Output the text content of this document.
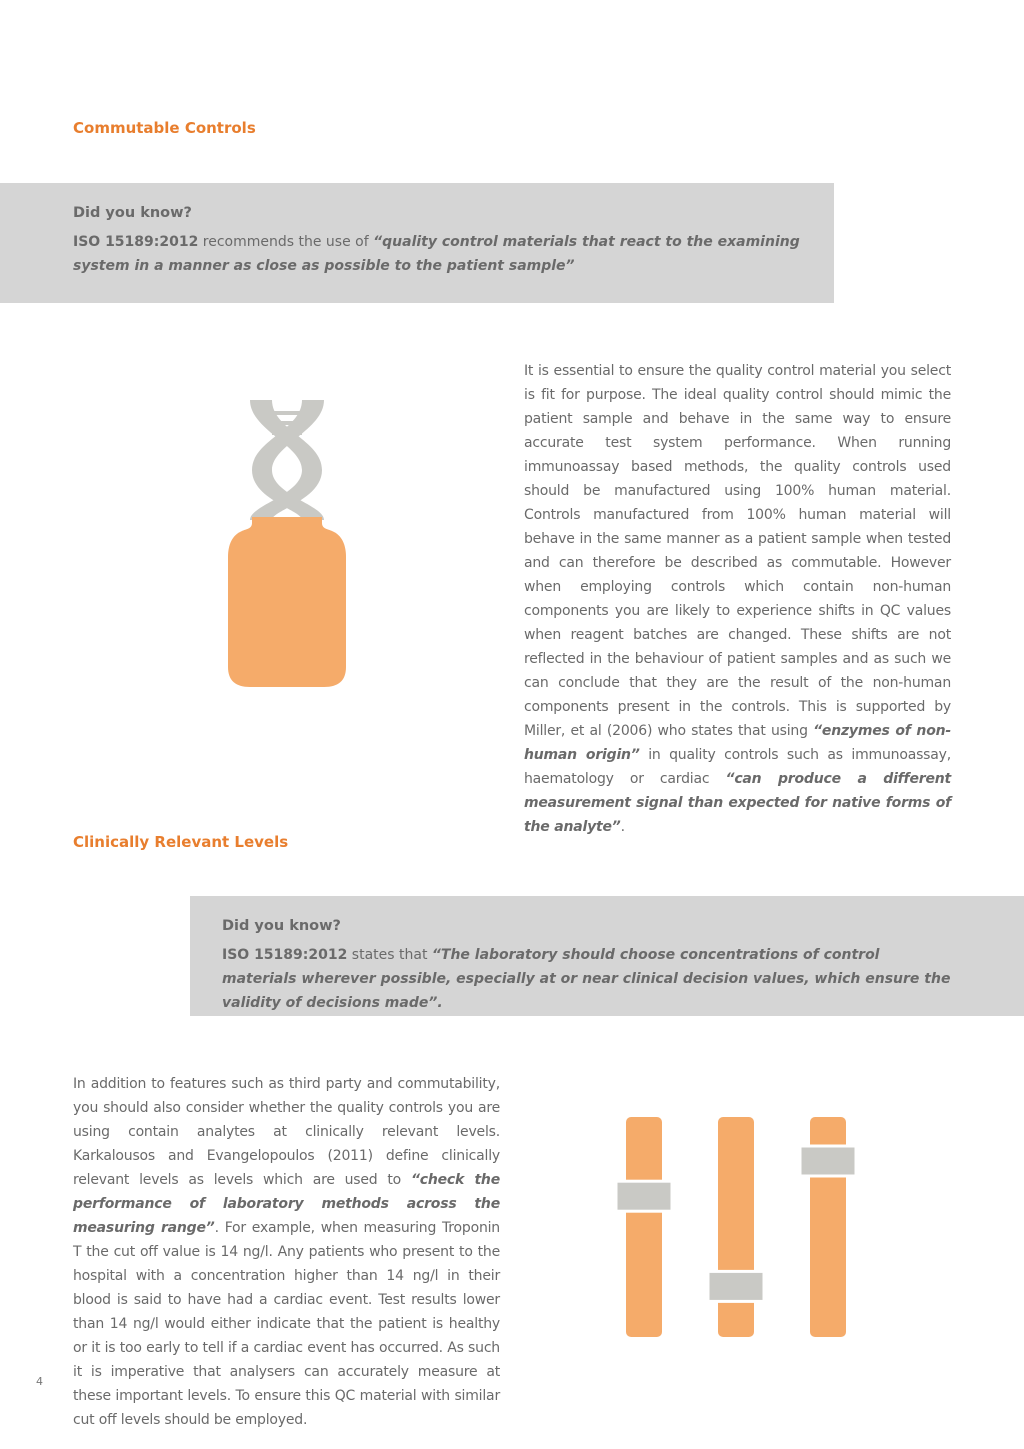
Commutable Controls

Did you know?

ISO 15189:2012 recommends the use of “quality control materials that react to the examining system in a manner as close as possible to the patient sample”

It is essential to ensure the quality control material you select is fit for purpose. The ideal quality control should mimic the patient sample and behave in the same way to ensure accurate test system performance. When running immunoassay based methods, the quality controls used should be manufactured using 100% human material. Controls manufactured from 100% human material will behave in the same manner as a patient sample when tested and can therefore be described as commutable. However when employing controls which contain non-human components you are likely to experience shifts in QC values when reagent batches are changed. These shifts are not reflected in the behaviour of patient samples and as such we can conclude that they are the result of the non-human components present in the controls. This is supported by Miller, et al (2006) who states that using “enzymes of non-human origin” in quality controls such as immunoassay, haematology or cardiac “can produce a different measurement signal than expected for native forms of the analyte”.

Clinically Relevant Levels

Did you know?

ISO 15189:2012 states that “The laboratory should choose concentrations of control materials wherever possible, especially at or near clinical decision values, which ensure the validity of decisions made”.

In addition to features such as third party and commutability, you should also consider whether the quality controls you are using contain analytes at clinically relevant levels. Karkalousos and Evangelopoulos (2011) define clinically relevant levels as levels which are used to “check the performance of laboratory methods across the measuring range”. For example, when measuring Troponin T the cut off value is 14 ng/l. Any patients who present to the hospital with a concentration higher than 14 ng/l in their blood is said to have had a cardiac event. Test results lower than 14 ng/l would either indicate that the patient is healthy or it is too early to tell if a cardiac event has occurred. As such it is imperative that analysers can accurately measure at these important levels. To ensure this QC material with similar cut off levels should be employed.

4
